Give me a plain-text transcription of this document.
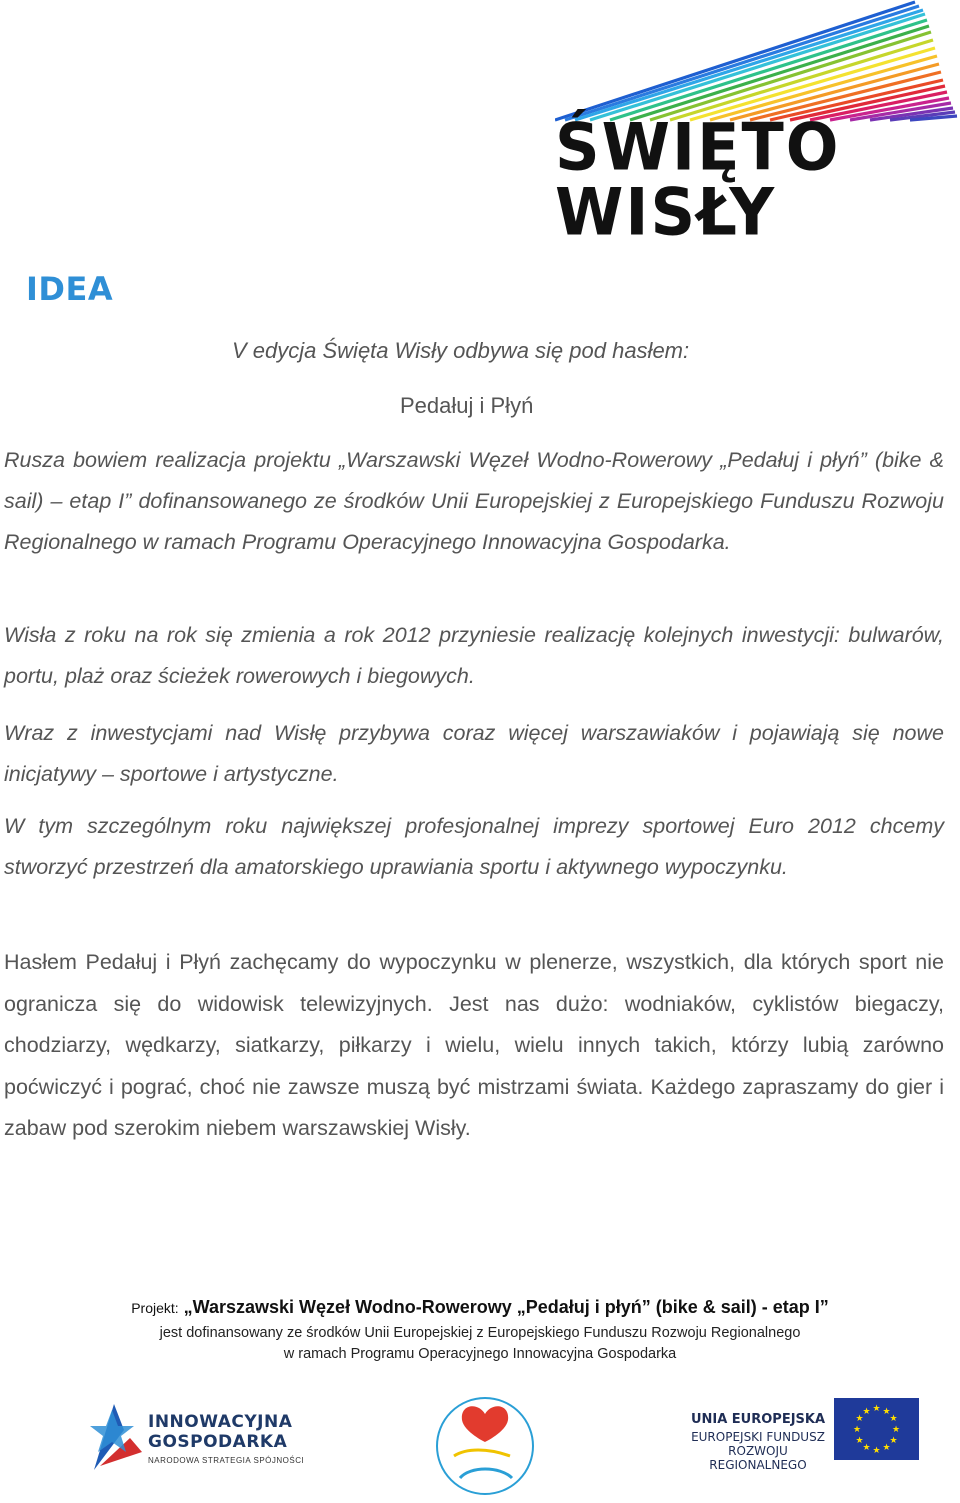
ŚWIĘTO WISŁY
IDEA

V edycja Święta Wisły odbywa się pod hasłem:

Pedałuj i Płyń

Rusza bowiem realizacja projektu „Warszawski Węzeł Wodno-Rowerowy „Pedałuj i płyń” (bike & sail) – etap I” dofinansowanego ze środków Unii Europejskiej z Europejskiego Funduszu Rozwoju Regionalnego w ramach Programu Operacyjnego Innowacyjna Gospodarka.

Wisła z roku na rok się zmienia a rok 2012 przyniesie realizację kolejnych inwestycji: bulwarów, portu, plaż oraz ścieżek rowerowych i biegowych.

Wraz z inwestycjami nad Wisłę przybywa coraz więcej warszawiaków i pojawiają się nowe inicjatywy – sportowe i artystyczne.

W tym szczególnym roku największej profesjonalnej imprezy sportowej Euro 2012 chcemy stworzyć przestrzeń dla amatorskiego uprawiania sportu i aktywnego wypoczynku.

Hasłem Pedałuj i Płyń zachęcamy do wypoczynku w plenerze, wszystkich, dla których sport nie ogranicza się do widowisk telewizyjnych. Jest nas dużo: wodniaków, cyklistów biegaczy, chodziarzy, wędkarzy, siatkarzy, piłkarzy i wielu, wielu innych takich, którzy lubią zarówno poćwiczyć i pograć, choć nie zawsze muszą być mistrzami świata. Każdego zapraszamy do gier i zabaw pod szerokim niebem warszawskiej Wisły.

Projekt: „Warszawski Węzeł Wodno-Rowerowy „Pedałuj i płyń” (bike & sail) - etap I”

jest dofinansowany ze środków Unii Europejskiej z Europejskiego Funduszu Rozwoju Regionalnego

w ramach Programu Operacyjnego Innowacyjna Gospodarka

INNOWACYJNA
GOSPODARKA
NARODOWA STRATEGIA SPÓJNOŚCI
UNIA EUROPEJSKA
EUROPEJSKI FUNDUSZ
ROZWOJU REGIONALNEGO
★ ★
★
★
★
★
★
★
★
★
★
★
